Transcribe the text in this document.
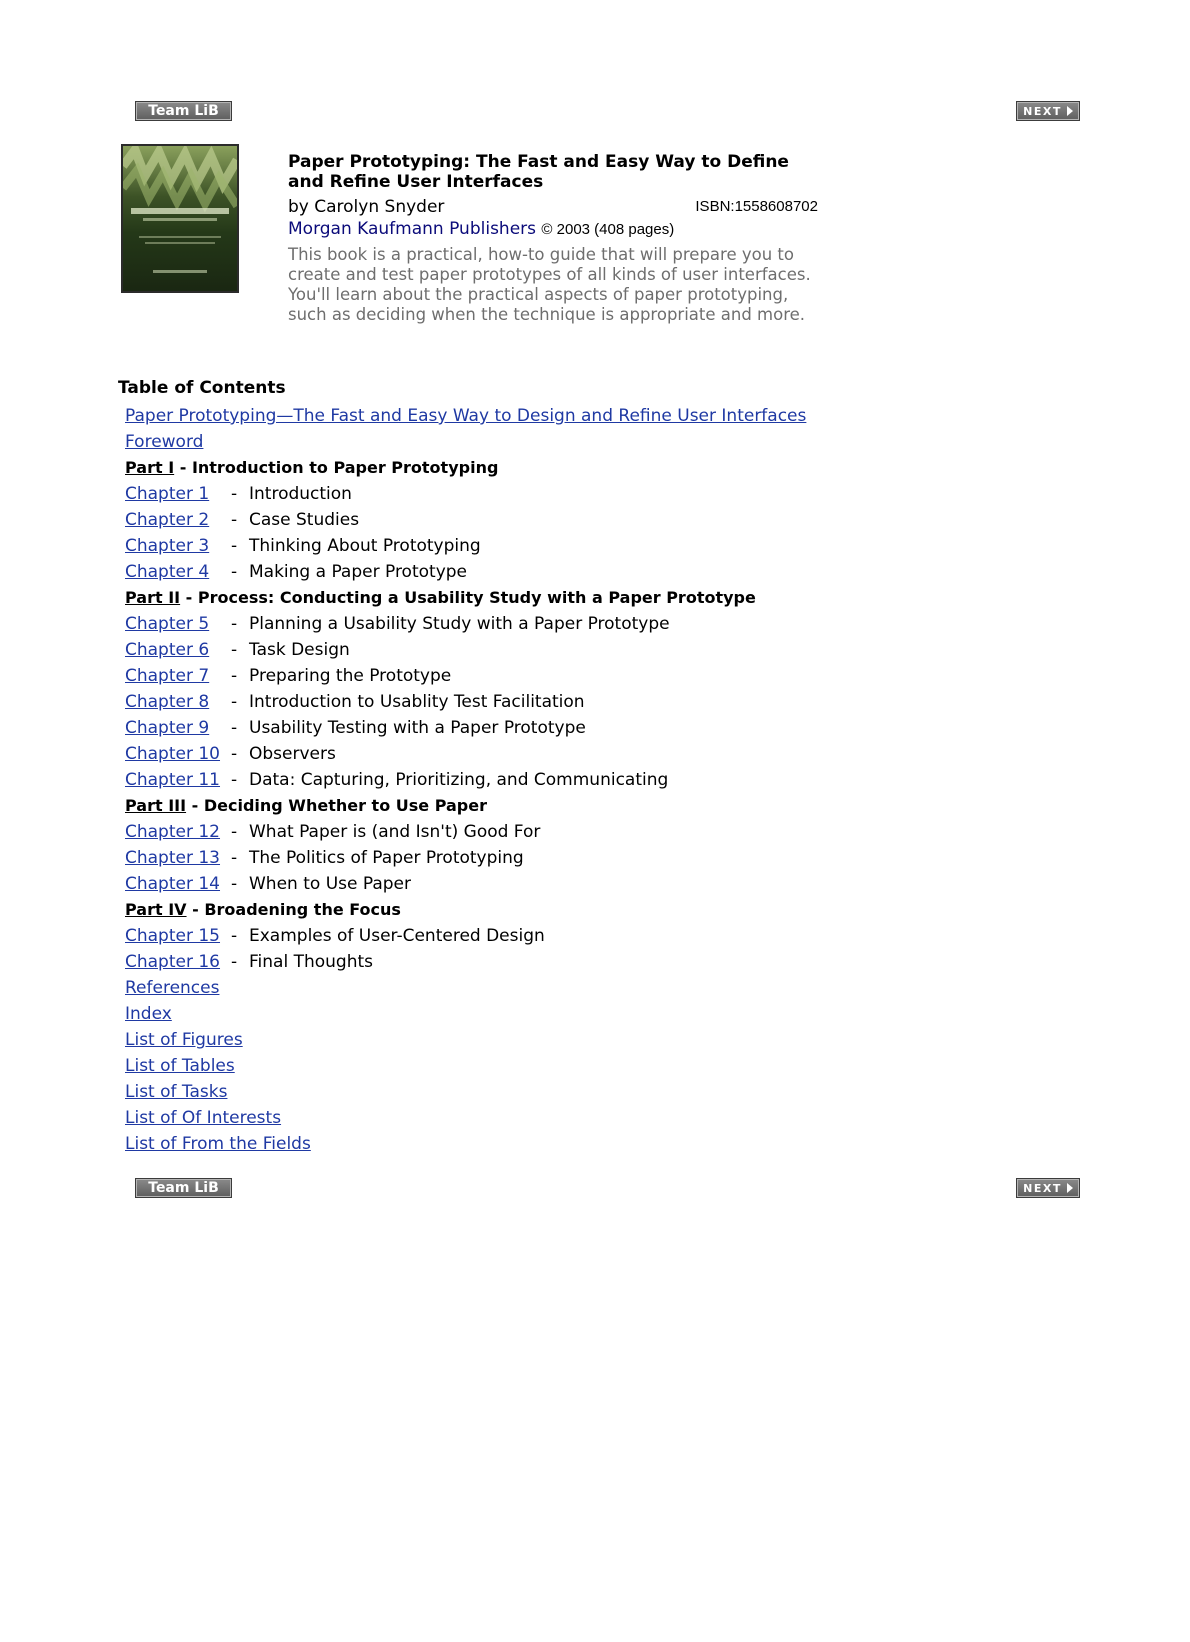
Team LiB	NEXT

Paper Prototyping: The Fast and Easy Way to Define and Refine User Interfaces

by Carolyn Snyder	ISBN:1558608702
Morgan Kaufmann Publishers © 2003 (408 pages)
This book is a practical, how-to guide that will prepare you to create and test paper prototypes of all kinds of user interfaces. You'll learn about the practical aspects of paper prototyping, such as deciding when the technique is appropriate and more.
Table of Contents
Paper Prototyping—The Fast and Easy Way to Design and Refine User Interfaces
Foreword
Part I - Introduction to Paper Prototyping
Chapter 1 - Introduction
Chapter 2 - Case Studies
Chapter 3 - Thinking About Prototyping
Chapter 4 - Making a Paper Prototype
Part II - Process: Conducting a Usability Study with a Paper Prototype
Chapter 5 - Planning a Usability Study with a Paper Prototype
Chapter 6 - Task Design
Chapter 7 - Preparing the Prototype
Chapter 8 - Introduction to Usablity Test Facilitation
Chapter 9 - Usability Testing with a Paper Prototype
Chapter 10 - Observers
Chapter 11 - Data: Capturing, Prioritizing, and Communicating
Part III - Deciding Whether to Use Paper
Chapter 12 - What Paper is (and Isn't) Good For
Chapter 13 - The Politics of Paper Prototyping
Chapter 14 - When to Use Paper
Part IV - Broadening the Focus
Chapter 15 - Examples of User-Centered Design
Chapter 16 - Final Thoughts
References
Index
List of Figures
List of Tables
List of Tasks
List of Of Interests
List of From the Fields
Team LiB	NEXT
